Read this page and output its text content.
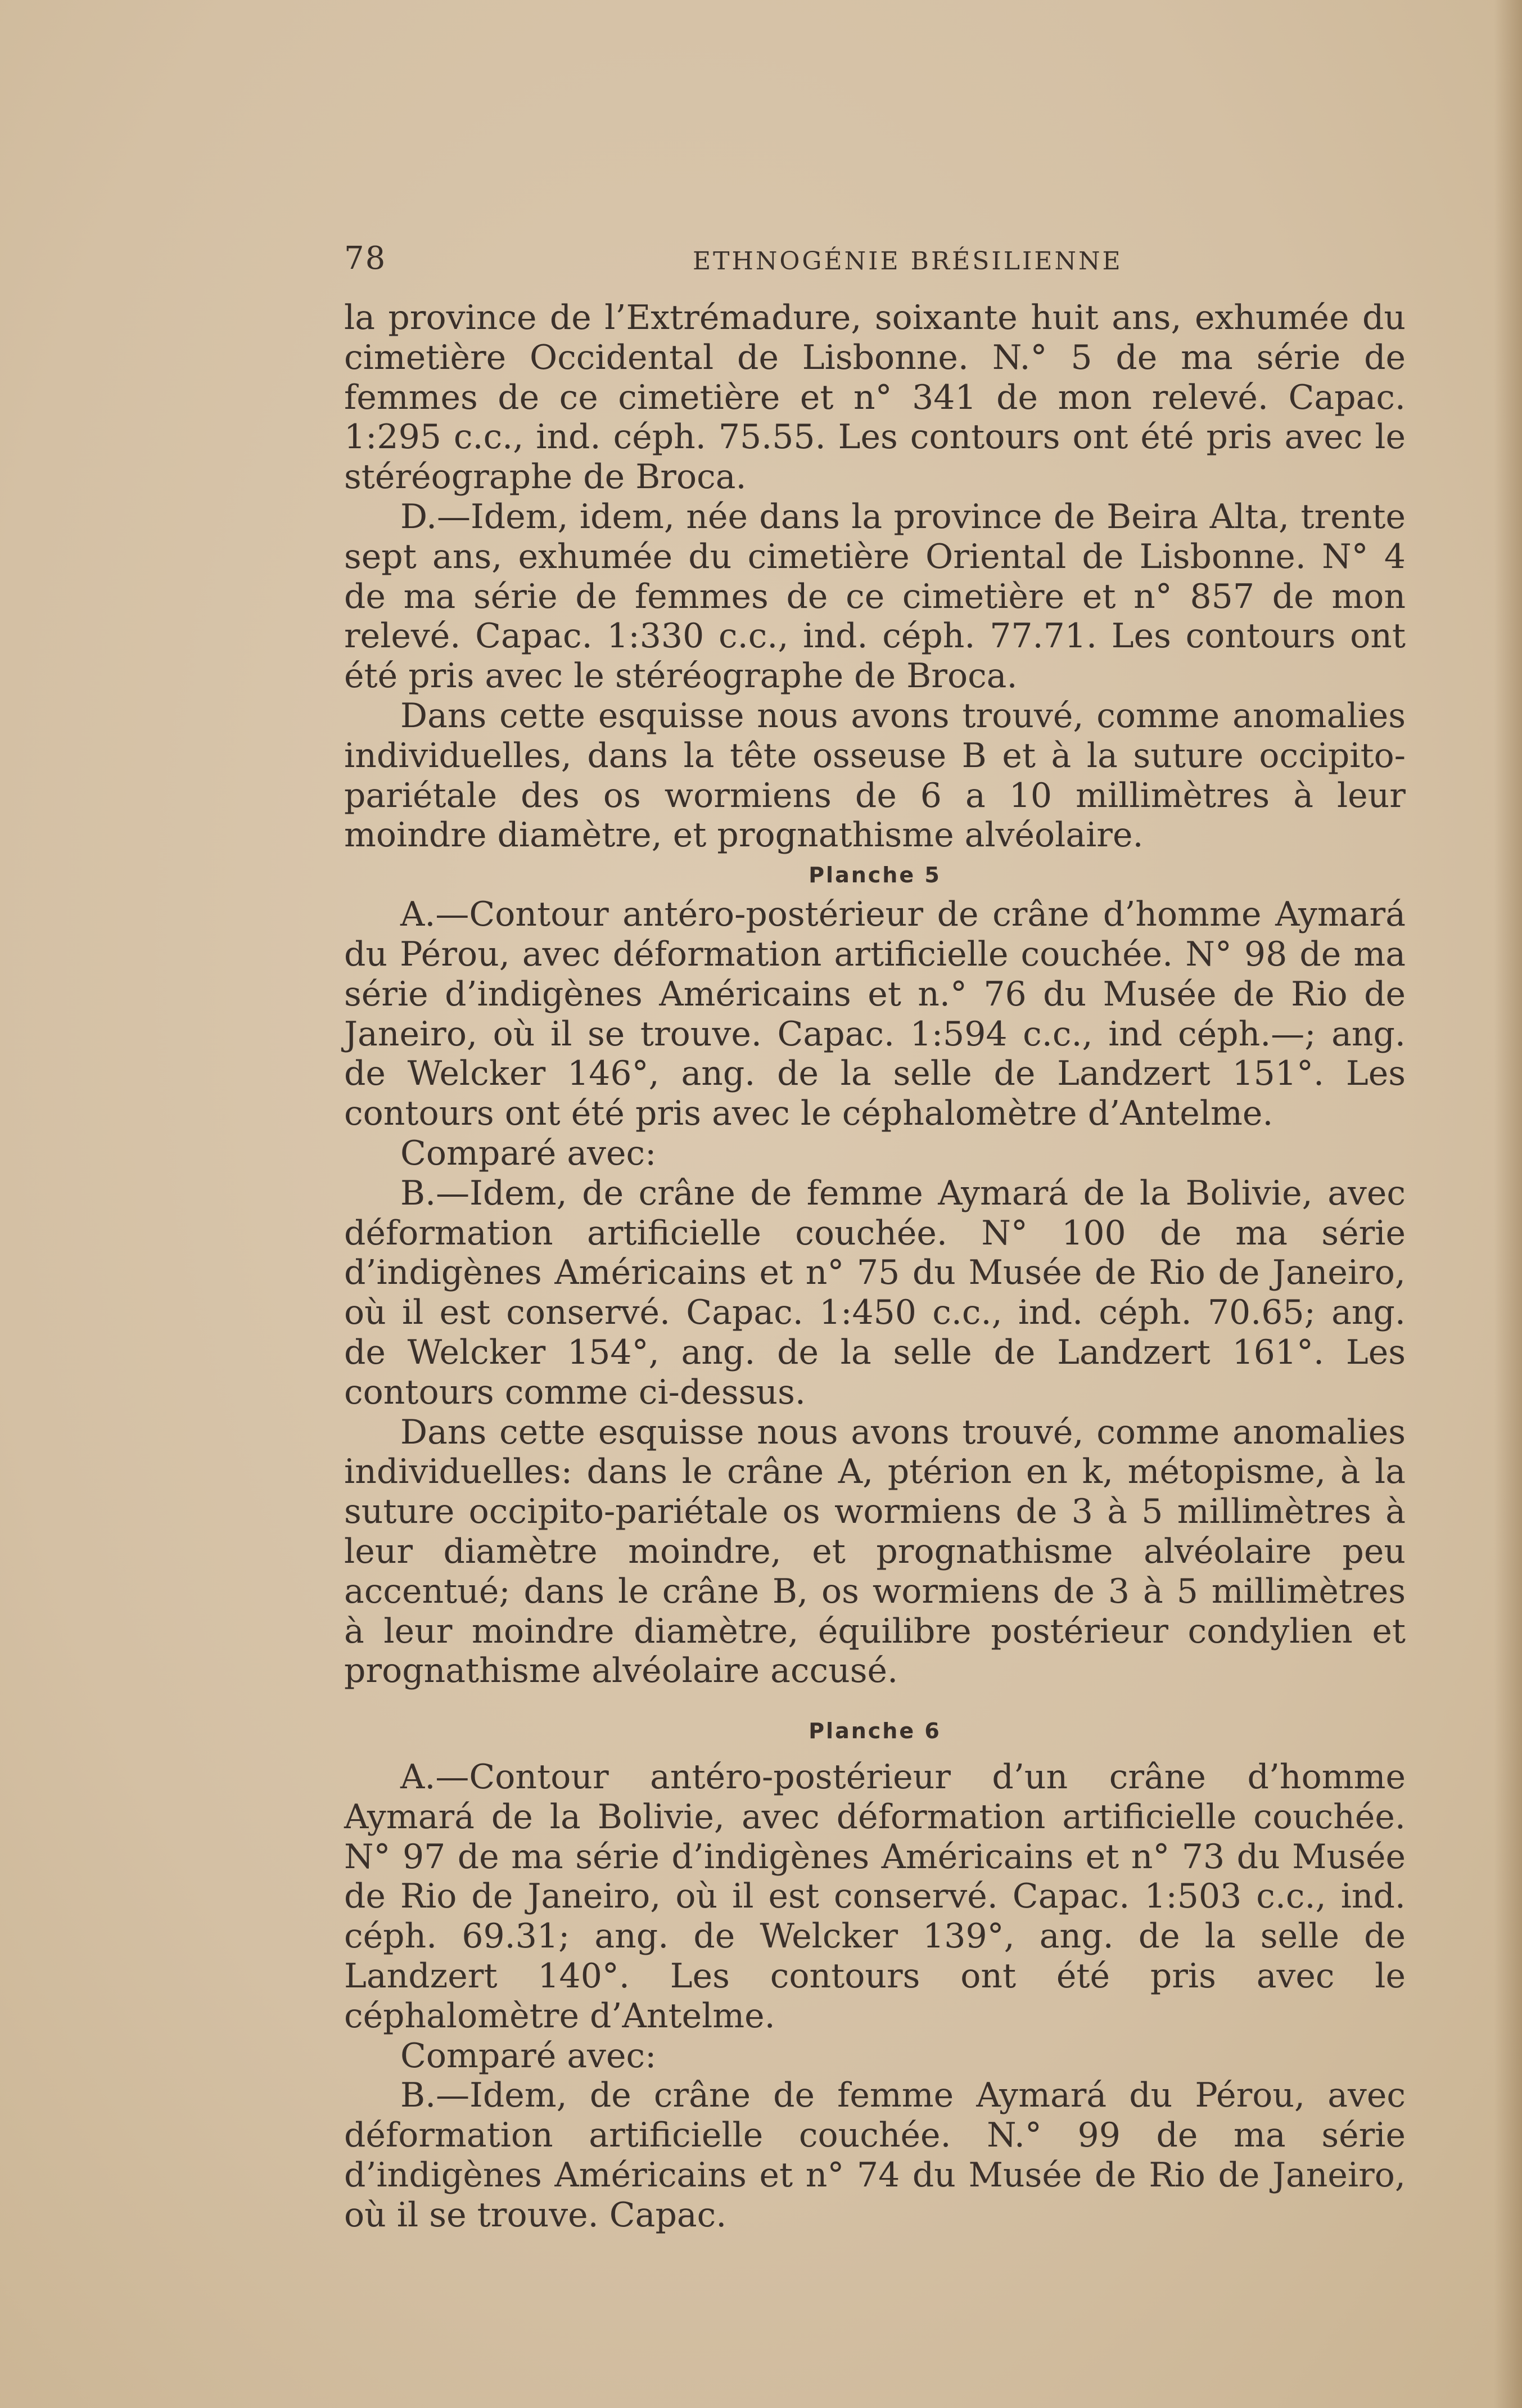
78	ETHNOGÉNIE BRÉSILIENNE

la province de l’Extrémadure, soixante huit ans, exhumée du cimetière Occidental de Lisbonne. N.° 5 de ma série de femmes de ce cimetière et n° 341 de mon relevé. Capac. 1:295 c.c., ind. céph. 75.55. Les contours ont été pris avec le stéréographe de Broca.

D.—Idem, idem, née dans la province de Beira Alta, trente sept ans, exhumée du cimetière Oriental de Lisbonne. N° 4 de ma série de femmes de ce cimetière et n° 857 de mon relevé. Capac. 1:330 c.c., ind. céph. 77.71. Les contours ont été pris avec le stéréographe de Broca.

Dans cette esquisse nous avons trouvé, comme anomalies individuelles, dans la tête osseuse B et à la suture occipito-pariétale des os wormiens de 6 a 10 millimètres à leur moindre diamètre, et prognathisme alvéolaire.

Planche 5

A.—Contour antéro-postérieur de crâne d’homme Aymará du Pérou, avec déformation artificielle couchée. N° 98 de ma série d’indigènes Américains et n.° 76 du Musée de Rio de Janeiro, où il se trouve. Capac. 1:594 c.c., ind céph.—; ang. de Welcker 146°, ang. de la selle de Landzert 151°. Les contours ont été pris avec le céphalomètre d’Antelme.

Comparé avec:

B.—Idem, de crâne de femme Aymará de la Bolivie, avec déformation artificielle couchée. N° 100 de ma série d’indigènes Américains et n° 75 du Musée de Rio de Janeiro, où il est conservé. Capac. 1:450 c.c., ind. céph. 70.65; ang. de Welcker 154°, ang. de la selle de Landzert 161°. Les contours comme ci-dessus.

Dans cette esquisse nous avons trouvé, comme anomalies individuelles: dans le crâne A, ptérion en k, métopisme, à la suture occipito-pariétale os wormiens de 3 à 5 millimètres à leur diamètre moindre, et prognathisme alvéolaire peu accentué; dans le crâne B, os wormiens de 3 à 5 millimètres à leur moindre diamètre, équilibre postérieur condylien et prognathisme alvéolaire accusé.

Planche 6

A.—Contour antéro-postérieur d’un crâne d’homme Aymará de la Bolivie, avec déformation artificielle couchée. N° 97 de ma série d’indigènes Américains et n° 73 du Musée de Rio de Janeiro, où il est conservé. Capac. 1:503 c.c., ind. céph. 69.31; ang. de Welcker 139°, ang. de la selle de Landzert 140°. Les contours ont été pris avec le céphalomètre d’Antelme.

Comparé avec:

B.—Idem, de crâne de femme Aymará du Pérou, avec déformation artificielle couchée. N.° 99 de ma série d’indigènes Américains et n° 74 du Musée de Rio de Janeiro, où il se trouve. Capac.
